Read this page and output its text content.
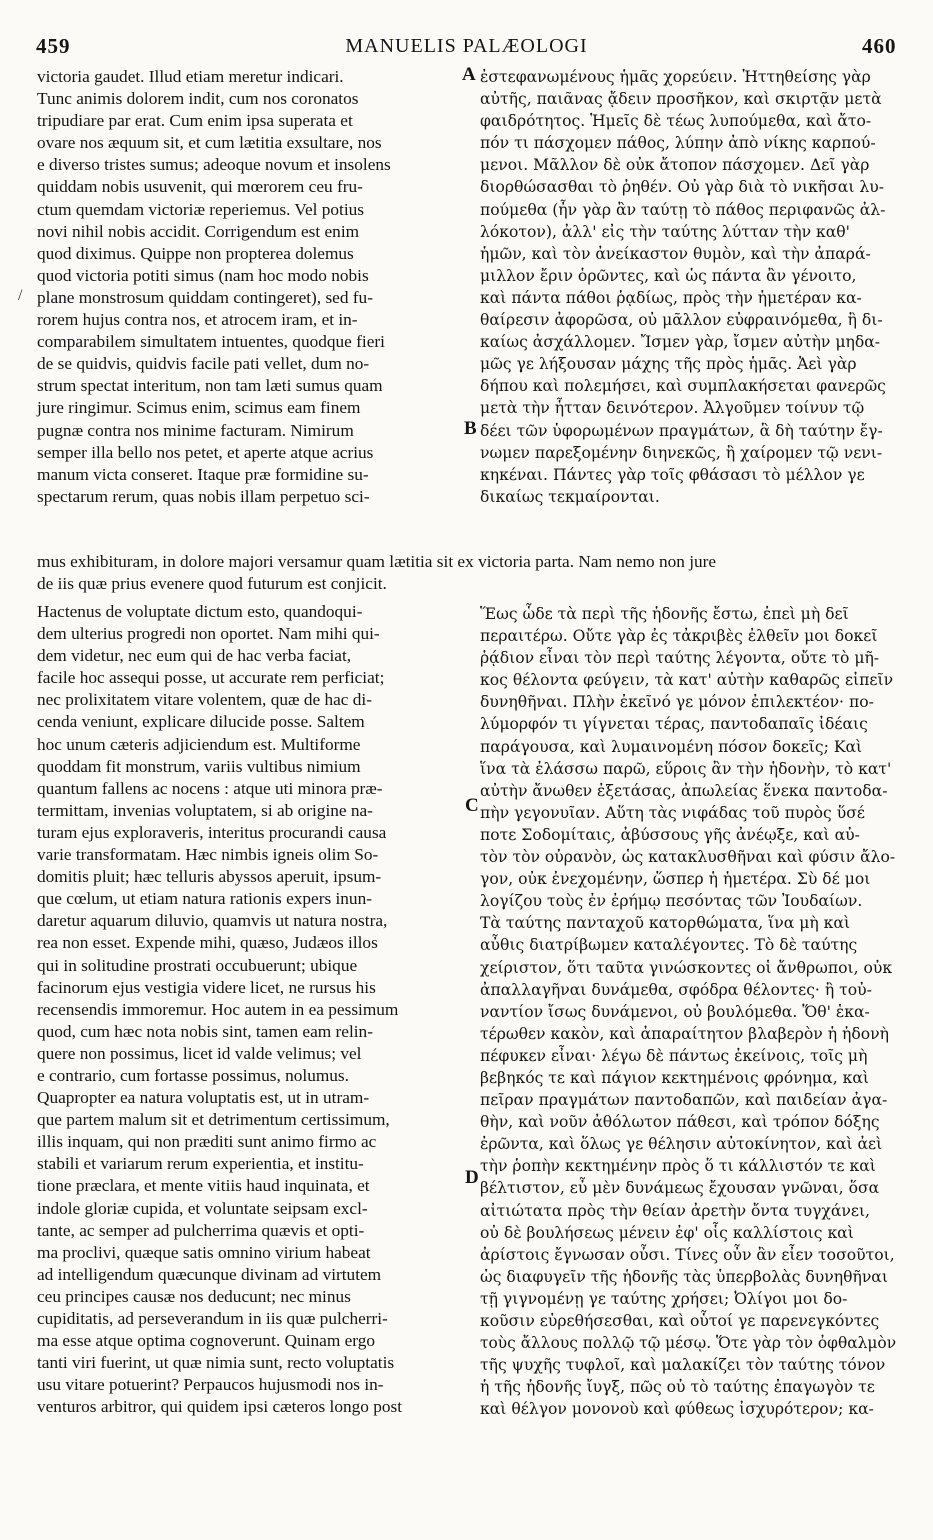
459	MANUELIS PALÆOLOGI	460
/
A
B
C
D
victoria gaudet. Illud etiam meretur indicari.
Tunc animis dolorem indit, cum nos coronatos
tripudiare par erat. Cum enim ipsa superata et
ovare nos æquum sit, et cum lætitia exsultare, nos
e diverso tristes sumus; adeoque novum et insolens
quiddam nobis usuvenit, qui mœrorem ceu fru-
ctum quemdam victoriæ reperiemus. Vel potius
novi nihil nobis accidit. Corrigendum est enim
quod diximus. Quippe non propterea dolemus
quod victoria potiti simus (nam hoc modo nobis
plane monstrosum quiddam contingeret), sed fu-
rorem hujus contra nos, et atrocem iram, et in-
comparabilem simultatem intuentes, quodque fieri
de se quidvis, quidvis facile pati vellet, dum no-
strum spectat interitum, non tam læti sumus quam
jure ringimur. Scimus enim, scimus eam finem
pugnæ contra nos minime facturam. Nimirum
semper illa bello nos petet, et aperte atque acrius
manum victa conseret. Itaque præ formidine su-
spectarum rerum, quas nobis illam perpetuo sci-
ἐστεφανωμένους ἡμᾶς χορεύειν. Ἡττηθείσης γὰρ
αὐτῆς, παιᾶνας ᾄδειν προσῆκον, καὶ σκιρτᾷν μετὰ
φαιδρότητος. Ἡμεῖς δὲ τέως λυπούμεθα, καὶ ἄτο-
πόν τι πάσχομεν πάθος, λύπην ἀπὸ νίκης καρπού-
μενοι. Μᾶλλον δὲ οὐκ ἄτοπον πάσχομεν. Δεῖ γὰρ
διορθώσασθαι τὸ ῥηθέν. Οὐ γὰρ διὰ τὸ νικῆσαι λυ-
πούμεθα (ἦν γὰρ ἂν ταύτῃ τὸ πάθος περιφανῶς ἀλ-
λόκοτον), ἀλλ' εἰς τὴν ταύτης λύτταν τὴν καθ'
ἡμῶν, καὶ τὸν ἀνείκαστον θυμὸν, καὶ τὴν ἀπαρά-
μιλλον ἔριν ὁρῶντες, καὶ ὡς πάντα ἂν γένοιτο,
καὶ πάντα πάθοι ῥᾳδίως, πρὸς τὴν ἡμετέραν κα-
θαίρεσιν ἀφορῶσα, οὐ μᾶλλον εὐφραινόμεθα, ἢ δι-
καίως ἀσχάλλομεν. Ἴσμεν γὰρ, ἴσμεν αὐτὴν μηδα-
μῶς γε λήξουσαν μάχης τῆς πρὸς ἡμᾶς. Ἀεὶ γὰρ
δήπου καὶ πολεμήσει, καὶ συμπλακήσεται φανερῶς
μετὰ τὴν ἧτταν δεινότερον. Ἀλγοῦμεν τοίνυν τῷ
δέει τῶν ὑφορωμένων πραγμάτων, ἃ δὴ ταύτην ἔγ-
νωμεν παρεξομένην διηνεκῶς, ἢ χαίρομεν τῷ νενι-
κηκέναι. Πάντες γὰρ τοῖς φθάσασι τὸ μέλλον γε
δικαίως τεκμαίρονται.
mus exhibituram, in dolore majori versamur quam lætitia sit ex victoria parta. Nam nemo non jure
de iis quæ prius evenere quod futurum est conjicit.
Hactenus de voluptate dictum esto, quandoqui-
dem ulterius progredi non oportet. Nam mihi qui-
dem videtur, nec eum qui de hac verba faciat,
facile hoc assequi posse, ut accurate rem perficiat;
nec prolixitatem vitare volentem, quæ de hac di-
cenda veniunt, explicare dilucide posse. Saltem
hoc unum cæteris adjiciendum est. Multiforme
quoddam fit monstrum, variis vultibus nimium
quantum fallens ac nocens : atque uti minora præ-
termittam, invenias voluptatem, si ab origine na-
turam ejus exploraveris, interitus procurandi causa
varie transformatam. Hæc nimbis igneis olim So-
domitis pluit; hæc telluris abyssos aperuit, ipsum-
que cœlum, ut etiam natura rationis expers inun-
daretur aquarum diluvio, quamvis ut natura nostra,
rea non esset. Expende mihi, quæso, Judæos illos
qui in solitudine prostrati occubuerunt; ubique
facinorum ejus vestigia videre licet, ne rursus his
recensendis immoremur. Hoc autem in ea pessimum
quod, cum hæc nota nobis sint, tamen eam relin-
quere non possimus, licet id valde velimus; vel
e contrario, cum fortasse possimus, nolumus.
Quapropter ea natura voluptatis est, ut in utram-
que partem malum sit et detrimentum certissimum,
illis inquam, qui non præditi sunt animo firmo ac
stabili et variarum rerum experientia, et institu-
tione præclara, et mente vitiis haud inquinata, et
indole gloriæ cupida, et voluntate seipsam excl-
tante, ac semper ad pulcherrima quævis et opti-
ma proclivi, quæque satis omnino virium habeat
ad intelligendum quæcunque divinam ad virtutem
ceu principes causæ nos deducunt; nec minus
cupiditatis, ad perseverandum in iis quæ pulcherri-
ma esse atque optima cognoverunt. Quinam ergo
tanti viri fuerint, ut quæ nimia sunt, recto voluptatis
usu vitare potuerint? Perpaucos hujusmodi nos in-
venturos arbitror, qui quidem ipsi cæteros longo post
Ἕως ὧδε τὰ περὶ τῆς ἡδονῆς ἔστω, ἐπεὶ μὴ δεῖ
περαιτέρω. Οὔτε γὰρ ἐς τἀκριβὲς ἐλθεῖν μοι δοκεῖ
ῥᾴδιον εἶναι τὸν περὶ ταύτης λέγοντα, οὔτε τὸ μῆ-
κος θέλοντα φεύγειν, τὰ κατ' αὐτὴν καθαρῶς εἰπεῖν
δυνηθῆναι. Πλὴν ἐκεῖνό γε μόνον ἐπιλεκτέον· πο-
λύμορφόν τι γίγνεται τέρας, παντοδαπαῖς ἰδέαις
παράγουσα, καὶ λυμαινομένη πόσον δοκεῖς; Καὶ
ἵνα τὰ ἐλάσσω παρῶ, εὕροις ἂν τὴν ἡδονὴν, τὸ κατ'
αὐτὴν ἄνωθεν ἐξετάσας, ἀπωλείας ἕνεκα παντοδα-
πὴν γεγονυῖαν. Αὕτη τὰς νιφάδας τοῦ πυρὸς ὕσέ
ποτε Σοδομίταις, ἀβύσσους γῆς ἀνέῳξε, καὶ αὐ-
τὸν τὸν οὐρανὸν, ὡς κατακλυσθῆναι καὶ φύσιν ἄλο-
γον, οὐκ ἐνεχομένην, ὥσπερ ἡ ἡμετέρα. Σὺ δέ μοι
λογίζου τοὺς ἐν ἐρήμῳ πεσόντας τῶν Ἰουδαίων.
Τὰ ταύτης πανταχοῦ κατορθώματα, ἵνα μὴ καὶ
αὖθις διατρίβωμεν καταλέγοντες. Τὸ δὲ ταύτης
χείριστον, ὅτι ταῦτα γινώσκοντες οἱ ἄνθρωποι, οὐκ
ἀπαλλαγῆναι δυνάμεθα, σφόδρα θέλοντες· ἢ τοὐ-
ναντίον ἴσως δυνάμενοι, οὐ βουλόμεθα. Ὅθ' ἑκα-
τέρωθεν κακὸν, καὶ ἀπαραίτητον βλαβερὸν ἡ ἡδονὴ
πέφυκεν εἶναι· λέγω δὲ πάντως ἐκείνοις, τοῖς μὴ
βεβηκός τε καὶ πάγιον κεκτημένοις φρόνημα, καὶ
πεῖραν πραγμάτων παντοδαπῶν, καὶ παιδείαν ἀγα-
θὴν, καὶ νοῦν ἀθόλωτον πάθεσι, καὶ τρόπον δόξης
ἐρῶντα, καὶ ὅλως γε θέλησιν αὐτοκίνητον, καὶ ἀεὶ
τὴν ῥοπὴν κεκτημένην πρὸς ὅ τι κάλλιστόν τε καὶ
βέλτιστον, εὖ μὲν δυνάμεως ἔχουσαν γνῶναι, ὅσα
αἰτιώτατα πρὸς τὴν θείαν ἀρετὴν ὄντα τυγχάνει,
οὐ δὲ βουλήσεως μένειν ἐφ' οἷς καλλίστοις καὶ
ἀρίστοις ἔγνωσαν οὖσι. Τίνες οὖν ἂν εἶεν τοσοῦτοι,
ὡς διαφυγεῖν τῆς ἡδονῆς τὰς ὑπερβολὰς δυνηθῆναι
τῇ γιγνομένῃ γε ταύτης χρήσει; Ὀλίγοι μοι δο-
κοῦσιν εὑρεθήσεσθαι, καὶ οὗτοί γε παρενεγκόντες
τοὺς ἄλλους πολλῷ τῷ μέσῳ. Ὅτε γὰρ τὸν ὀφθαλμὸν
τῆς ψυχῆς τυφλοῖ, καὶ μαλακίζει τὸν ταύτης τόνον
ἡ τῆς ἡδονῆς ἴυγξ, πῶς οὐ τὸ ταύτης ἐπαγωγὸν τε
καὶ θέλγον μονονοὺ καὶ φύθεως ἰσχυρότερον; κα-
